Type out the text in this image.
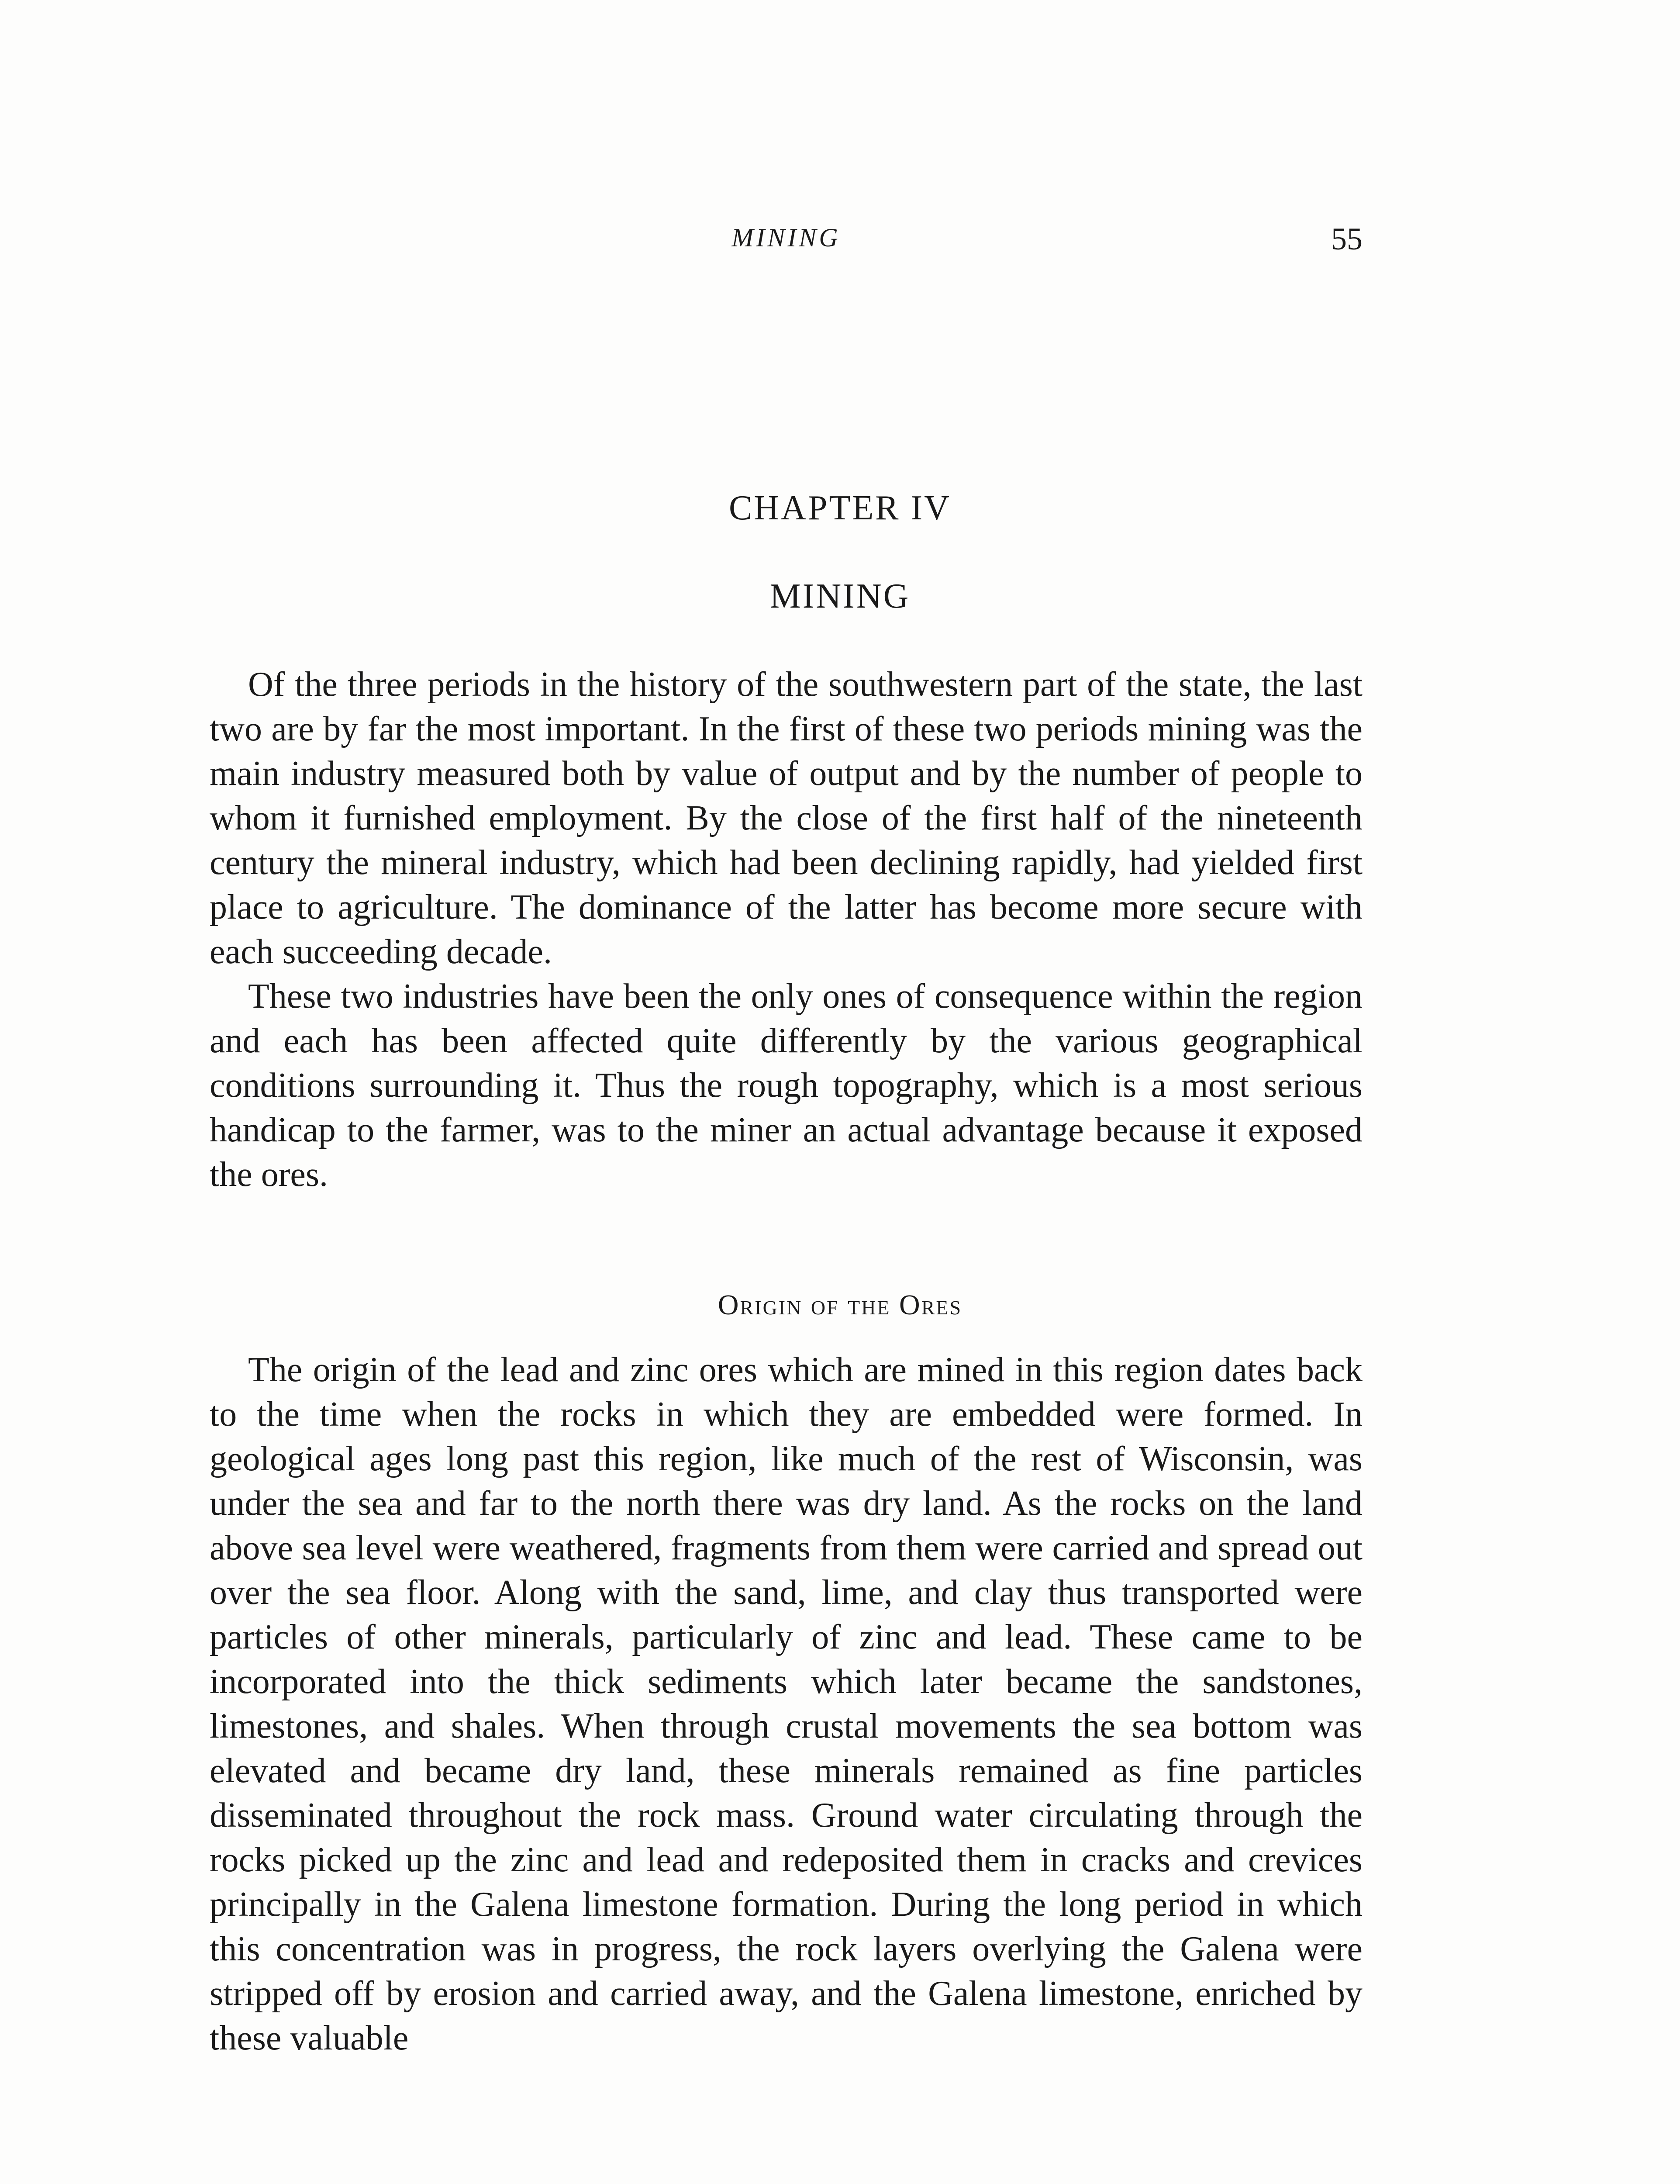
MINING	55
CHAPTER IV
MINING

Of the three periods in the history of the southwestern part of the state, the last two are by far the most important. In the first of these two periods mining was the main industry measured both by value of output and by the number of people to whom it furnished employment. By the close of the first half of the nineteenth century the mineral industry, which had been declining rapidly, had yielded first place to agriculture. The dominance of the latter has become more secure with each succeeding decade.

These two industries have been the only ones of consequence within the region and each has been affected quite differently by the various geographical conditions surrounding it. Thus the rough topography, which is a most serious handicap to the farmer, was to the miner an actual advantage because it exposed the ores.

Origin of the Ores

The origin of the lead and zinc ores which are mined in this region dates back to the time when the rocks in which they are embedded were formed. In geological ages long past this region, like much of the rest of Wisconsin, was under the sea and far to the north there was dry land. As the rocks on the land above sea level were weathered, fragments from them were carried and spread out over the sea floor. Along with the sand, lime, and clay thus transported were particles of other minerals, particularly of zinc and lead. These came to be incorporated into the thick sediments which later became the sandstones, limestones, and shales. When through crustal movements the sea bottom was elevated and became dry land, these minerals remained as fine particles disseminated throughout the rock mass. Ground water circulating through the rocks picked up the zinc and lead and redeposited them in cracks and crevices principally in the Galena limestone formation. During the long period in which this concentration was in progress, the rock layers overlying the Galena were stripped off by erosion and carried away, and the Galena limestone, enriched by these valuable
